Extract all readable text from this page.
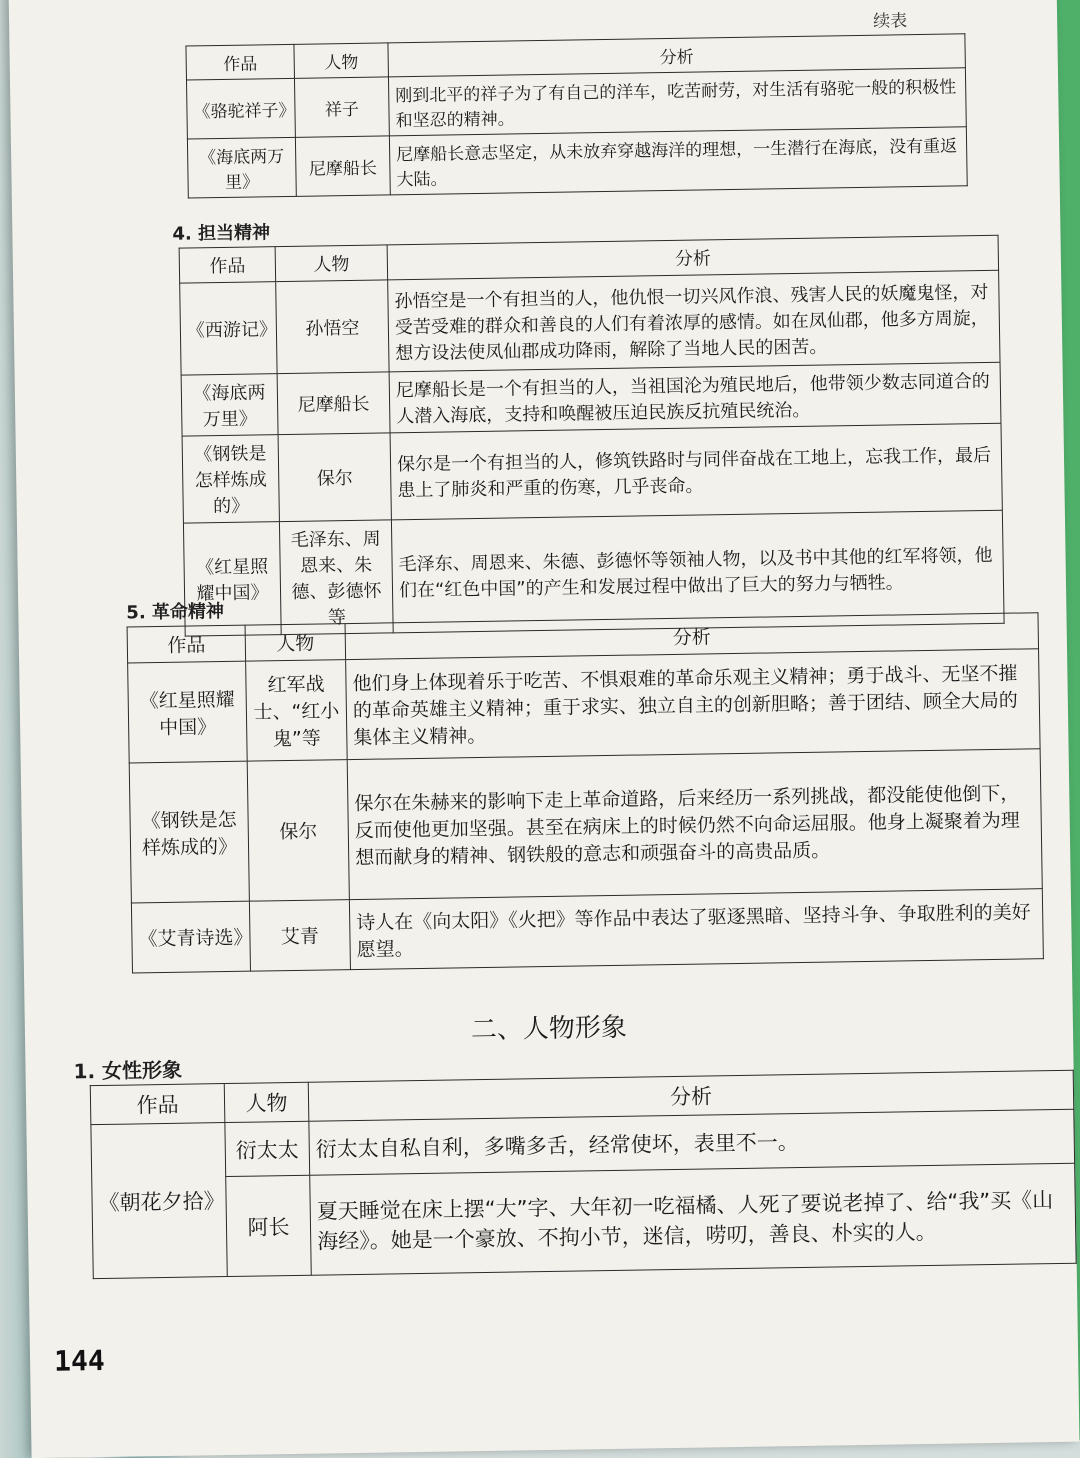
续表
作品	人物	分析
《骆驼祥子》	祥子	刚到北平的祥子为了有自己的洋车，吃苦耐劳，对生活有骆驼一般的积极性和坚忍的精神。
《海底两万里》	尼摩船长	尼摩船长意志坚定，从未放弃穿越海洋的理想，一生潜行在海底，没有重返大陆。
4. 担当精神
作品	人物	分析
《西游记》	孙悟空	孙悟空是一个有担当的人，他仇恨一切兴风作浪、残害人民的妖魔鬼怪，对受苦受难的群众和善良的人们有着浓厚的感情。如在凤仙郡，他多方周旋，想方设法使凤仙郡成功降雨，解除了当地人民的困苦。
《海底两万里》	尼摩船长	尼摩船长是一个有担当的人，当祖国沦为殖民地后，他带领少数志同道合的人潜入海底，支持和唤醒被压迫民族反抗殖民统治。
《钢铁是怎样炼成的》	保尔	保尔是一个有担当的人，修筑铁路时与同伴奋战在工地上，忘我工作，最后患上了肺炎和严重的伤寒，几乎丧命。
《红星照耀中国》	毛泽东、周恩来、朱德、彭德怀等	毛泽东、周恩来、朱德、彭德怀等领袖人物，以及书中其他的红军将领，他们在“红色中国”的产生和发展过程中做出了巨大的努力与牺牲。
5. 革命精神
作品	人物	分析
《红星照耀中国》	红军战士、“红小鬼”等	他们身上体现着乐于吃苦、不惧艰难的革命乐观主义精神；勇于战斗、无坚不摧的革命英雄主义精神；重于求实、独立自主的创新胆略；善于团结、顾全大局的集体主义精神。
《钢铁是怎样炼成的》	保尔	保尔在朱赫来的影响下走上革命道路，后来经历一系列挑战，都没能使他倒下，反而使他更加坚强。甚至在病床上的时候仍然不向命运屈服。他身上凝聚着为理想而献身的精神、钢铁般的意志和顽强奋斗的高贵品质。
《艾青诗选》	艾青	诗人在《向太阳》《火把》等作品中表达了驱逐黑暗、坚持斗争、争取胜利的美好愿望。
二、人物形象
1. 女性形象
作品	人物	分析
《朝花夕拾》	衍太太	衍太太自私自利，多嘴多舌，经常使坏，表里不一。
	阿长	夏天睡觉在床上摆“大”字、大年初一吃福橘、人死了要说老掉了、给“我”买《山海经》。她是一个豪放、不拘小节，迷信，唠叨，善良、朴实的人。
144
